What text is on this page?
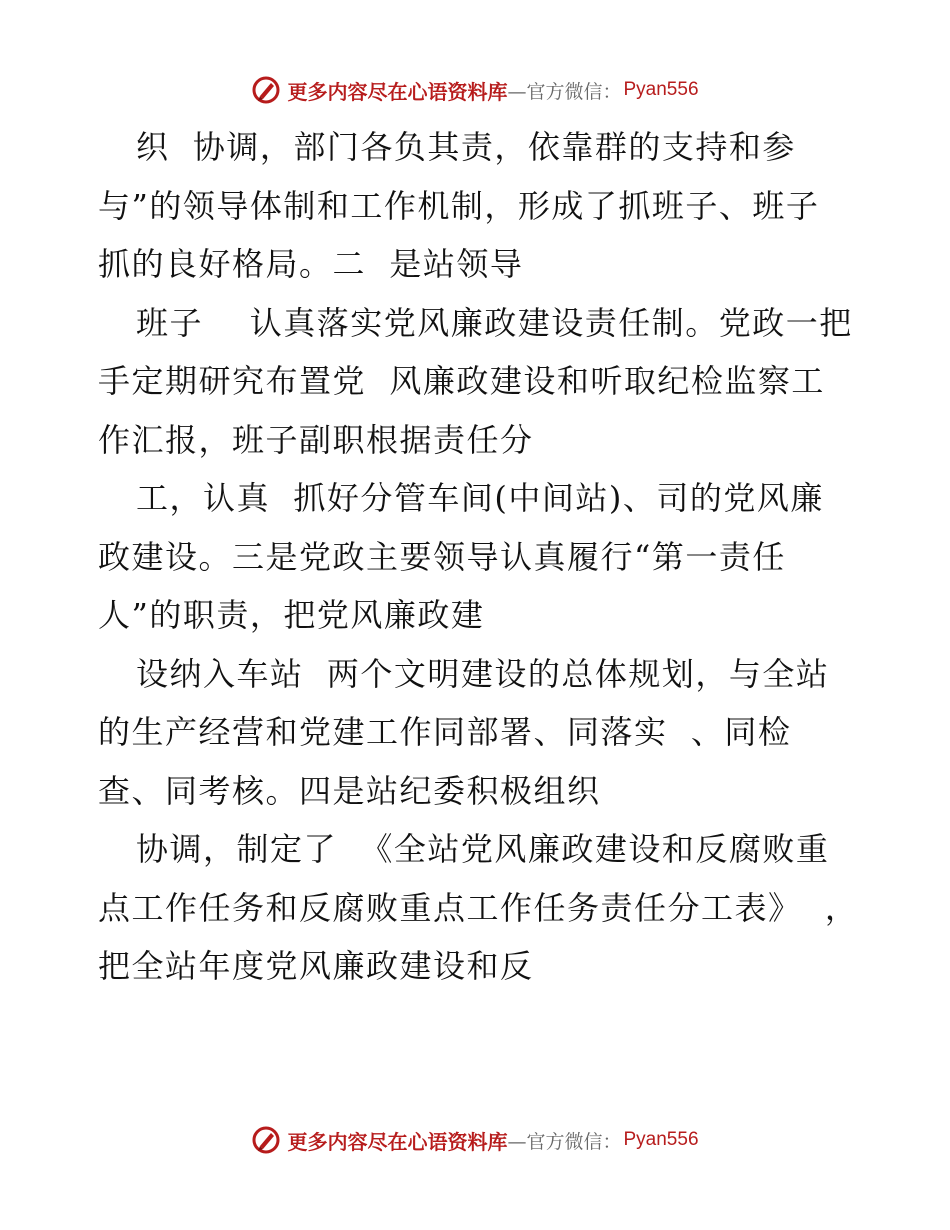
更多内容尽在心语资料库 —官方微信： Pyan556
织  协调，部门各负其责，依靠群的支持和参
与”的领导体制和工作机制，形成了抓班子、班子
抓的良好格局。二  是站领导
班子    认真落实党风廉政建设责任制。党政一把
手定期研究布置党  风廉政建设和听取纪检监察工
作汇报，班子副职根据责任分
工，认真  抓好分管车间(中间站)、司的党风廉
政建设。三是党政主要领导认真履行“第一责任
人”的职责，把党风廉政建
设纳入车站  两个文明建设的总体规划，与全站
的生产经营和党建工作同部署、同落实  、同检
查、同考核。四是站纪委积极组织
协调，制定了  《全站党风廉政建设和反腐败重
点工作任务和反腐败重点工作任务责任分工表》  ，
把全站年度党风廉政建设和反
更多内容尽在心语资料库 —官方微信： Pyan556
